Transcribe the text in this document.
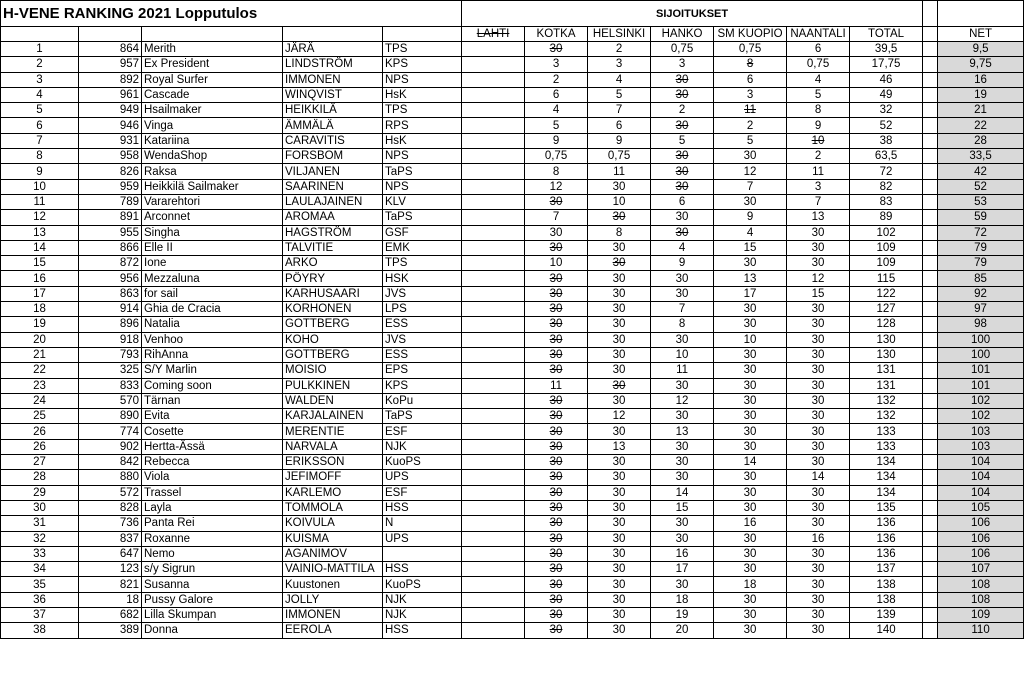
H-VENE RANKING 2021 Lopputulos					SIJOITUKSET								
					LAHTI	KOTKA	HELSINKI	HANKO	SM KUOPIO	NAANTALI	TOTAL		NET
1	864	Merith	JÄRÄ	TPS		30	2	0,75	0,75	6	39,5		9,5
2	957	Ex President	LINDSTRÖM	KPS		3	3	3	8	0,75	17,75		9,75
3	892	Royal Surfer	IMMONEN	NPS		2	4	30	6	4	46		16
4	961	Cascade	WINQVIST	HsK		6	5	30	3	5	49		19
5	949	Hsailmaker	HEIKKILÄ	TPS		4	7	2	11	8	32		21
6	946	Vinga	ÄMMÄLÄ	RPS		5	6	30	2	9	52		22
7	931	Katariina	CARAVITIS	HsK		9	9	5	5	10	38		28
8	958	WendaShop	FORSBOM	NPS		0,75	0,75	30	30	2	63,5		33,5
9	826	Raksa	VILJANEN	TaPS		8	11	30	12	11	72		42
10	959	Heikkilä Sailmaker	SAARINEN	NPS		12	30	30	7	3	82		52
11	789	Vararehtori	LAULAJAINEN	KLV		30	10	6	30	7	83		53
12	891	Arconnet	AROMAA	TaPS		7	30	30	9	13	89		59
13	955	Singha	HAGSTRÖM	GSF		30	8	30	4	30	102		72
14	866	Elle II	TALVITIE	EMK		30	30	4	15	30	109		79
15	872	Ione	ARKO	TPS		10	30	9	30	30	109		79
16	956	Mezzaluna	PÖYRY	HSK		30	30	30	13	12	115		85
17	863	for sail	KARHUSAARI	JVS		30	30	30	17	15	122		92
18	914	Ghia de Cracia	KORHONEN	LPS		30	30	7	30	30	127		97
19	896	Natalia	GOTTBERG	ESS		30	30	8	30	30	128		98
20	918	Venhoo	KOHO	JVS		30	30	30	10	30	130		100
21	793	RihAnna	GOTTBERG	ESS		30	30	10	30	30	130		100
22	325	S/Y Marlin	MOISIO	EPS		30	30	11	30	30	131		101
23	833	Coming soon	PULKKINEN	KPS		11	30	30	30	30	131		101
24	570	Tärnan	WALDEN	KoPu		30	30	12	30	30	132		102
25	890	Evita	KARJALAINEN	TaPS		30	12	30	30	30	132		102
26	774	Cosette	MERENTIE	ESF		30	30	13	30	30	133		103
26	902	Hertta-Ässä	NARVALA	NJK		30	13	30	30	30	133		103
27	842	Rebecca	ERIKSSON	KuoPS		30	30	30	14	30	134		104
28	880	Viola	JEFIMOFF	UPS		30	30	30	30	14	134		104
29	572	Trassel	KARLEMO	ESF		30	30	14	30	30	134		104
30	828	Layla	TOMMOLA	HSS		30	30	15	30	30	135		105
31	736	Panta Rei	KOIVULA	N		30	30	30	16	30	136		106
32	837	Roxanne	KUISMA	UPS		30	30	30	30	16	136		106
33	647	Nemo	AGANIMOV			30	30	16	30	30	136		106
34	123	s/y Sigrun	VAINIO-MATTILA	HSS		30	30	17	30	30	137		107
35	821	Susanna	Kuustonen	KuoPS		30	30	30	18	30	138		108
36	18	Pussy Galore	JOLLY	NJK		30	30	18	30	30	138		108
37	682	Lilla Skumpan	IMMONEN	NJK		30	30	19	30	30	139		109
38	389	Donna	EEROLA	HSS		30	30	20	30	30	140		110
